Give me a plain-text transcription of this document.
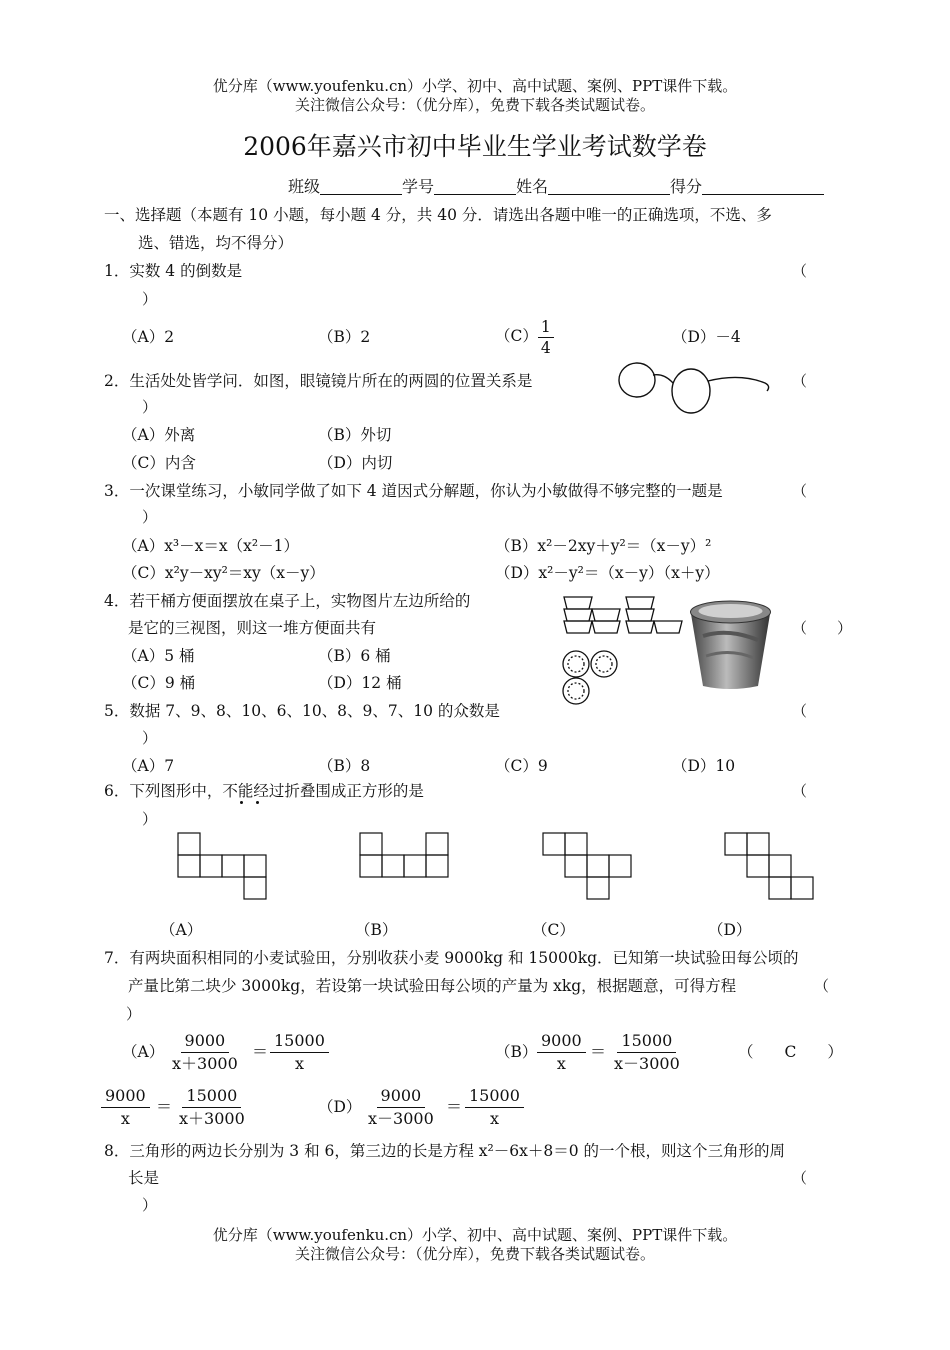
优分库（www.youfenku.cn）小学、初中、高中试题、案例、PPT课件下载。
关注微信公众号：（优分库），免费下载各类试题试卷。
2006年嘉兴市初中毕业生学业考试数学卷
班级	学号	姓名	得分
一、选择题（本题有 10 小题，每小题 4 分，共 40 分．请选出各题中唯一的正确选项，不选、多
选、错选，均不得分）
1．实数 4 的倒数是	（
）
（A）2	（B）2	$(C) \frac{1}{4}$	（D）－4
2．生活处处皆学问．如图，眼镜镜片所在的两圆的位置关系是	（
）
（A）外离	（B）外切
（C）内含	（D）内切
3．一次课堂练习，小敏同学做了如下 4 道因式分解题，你认为小敏做得不够完整的一题是	（
）
（A）x³－x＝x（x²－1）	（B）x²－2xy＋y²＝（x－y）²
（C）x²y－xy²＝xy（x－y）	（D）x²－y²＝（x－y）（x＋y）
4．若干桶方便面摆放在桌子上，实物图片左边所给的
是它的三视图，则这一堆方便面共有
（A）5 桶	（B）6 桶
（C）9 桶	（D）12 桶
（　　）
5．数据 7、9、8、10、6、10、8、9、7、10 的众数是	（
）
（A）7	（B）8	（C）9	（D）10
6．下列图形中，不能经过折叠围成正方形的是	（
）
（A）	（B）	（C）	（D）
7．有两块面积相同的小麦试验田，分别收获小麦 9000kg 和 15000kg．已知第一块试验田每公顷的
产量比第二块少 3000kg，若设第一块试验田每公顷的产量为 xkg，根据题意，可得方程	（
）
$(A) \frac{9000}{x+3000} = \frac{15000}{x}$	$(B) \frac{9000}{x} = \frac{15000}{x-3000}$	（　　C　　）
$\frac{9000}{x} = \frac{15000}{x+3000}$	$(D) \frac{9000}{x-3000} = \frac{15000}{x}$
8．三角形的两边长分别为 3 和 6，第三边的长是方程 x²－6x＋8＝0 的一个根，则这个三角形的周
长是	（
）
优分库（www.youfenku.cn）小学、初中、高中试题、案例、PPT课件下载。
关注微信公众号：（优分库），免费下载各类试题试卷。
